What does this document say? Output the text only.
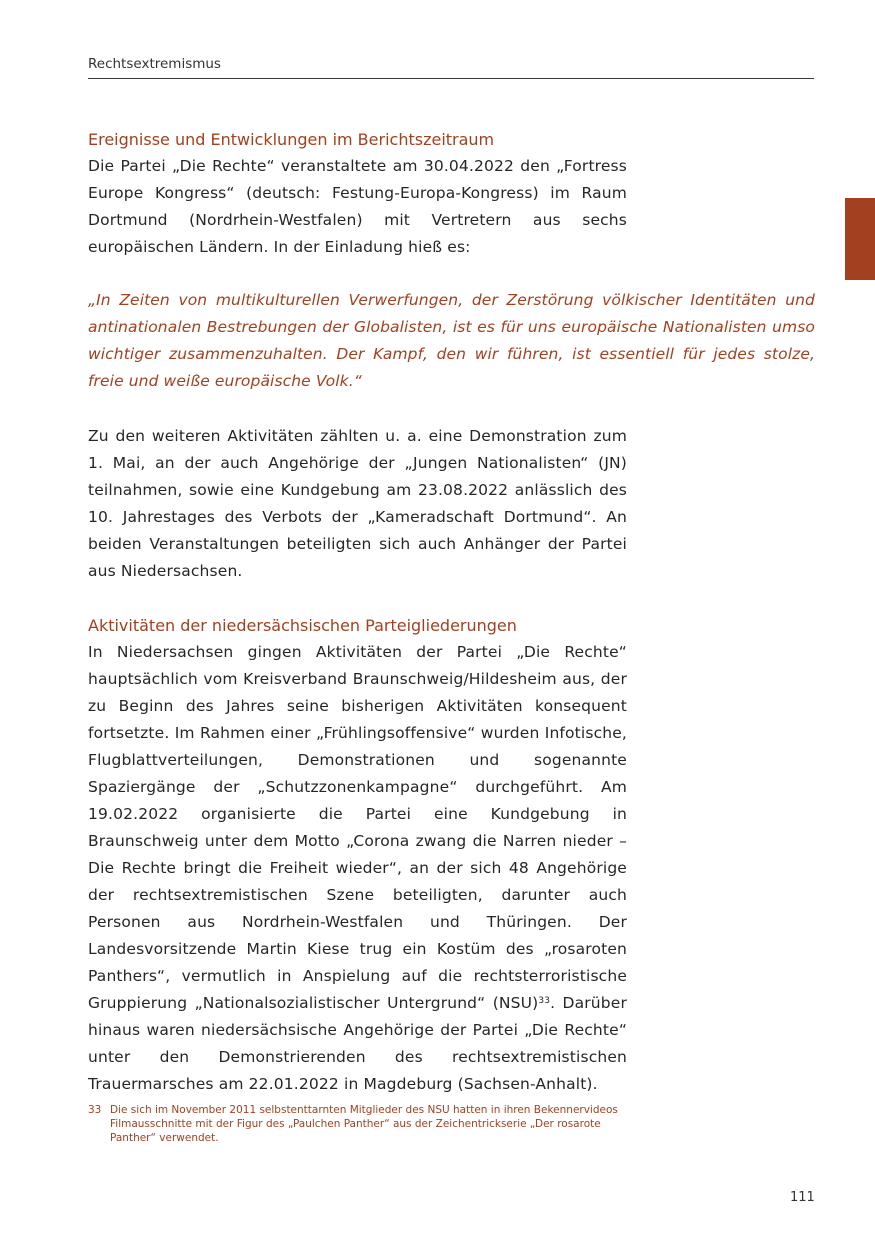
Rechtsextremismus
Ereignisse und Entwicklungen im Berichtszeitraum
Die Partei „Die Rechte“ veranstaltete am 30.04.2022 den „Fortress Europe Kongress“ (deutsch: Festung-Europa-Kongress) im Raum Dortmund (Nordrhein-Westfalen) mit Vertretern aus sechs europäischen Ländern. In der Einladung hieß es:
„In Zeiten von multikulturellen Verwerfungen, der Zerstörung völkischer Identitäten und antinationalen Bestrebungen der Globalisten, ist es für uns europäische Nationalisten umso wichtiger zusammenzuhalten. Der Kampf, den wir führen, ist essentiell für jedes stolze, freie und weiße europäische Volk.“
Zu den weiteren Aktivitäten zählten u. a. eine Demonstration zum 1. Mai, an der auch Angehörige der „Jungen Nationalisten“ (JN) teilnahmen, sowie eine Kundgebung am 23.08.2022 anlässlich des 10. Jahrestages des Verbots der „Kameradschaft Dortmund“. An beiden Veranstaltungen beteiligten sich auch Anhänger der Partei aus Niedersachsen.
Aktivitäten der niedersächsischen Parteigliederungen
In Niedersachsen gingen Aktivitäten der Partei „Die Rechte“ hauptsächlich vom Kreisverband Braunschweig/Hildesheim aus, der zu Beginn des Jahres seine bisherigen Aktivitäten konsequent fortsetzte. Im Rahmen einer „Frühlingsoffensive“ wurden Infotische, Flugblattverteilungen, Demonstrationen und sogenannte Spaziergänge der „Schutzzonenkampagne“ durchgeführt. Am 19.02.2022 organisierte die Partei eine Kundgebung in Braunschweig unter dem Motto „Corona zwang die Narren nieder – Die Rechte bringt die Freiheit wieder“, an der sich 48 Angehörige der rechtsextremistischen Szene beteiligten, darunter auch Personen aus Nordrhein-Westfalen und Thüringen. Der Landesvorsitzende Martin Kiese trug ein Kostüm des „rosaroten Panthers“, vermutlich in Anspielung auf die rechtsterroristische Gruppierung „Nationalsozialistischer Untergrund“ (NSU)$^{33}$. Darüber hinaus waren niedersächsische Angehörige der Partei „Die Rechte“ unter den Demonstrierenden des rechtsextremistischen Trauermarsches am 22.01.2022 in Magdeburg (Sachsen-Anhalt).
33 Die sich im November 2011 selbstenttarnten Mitglieder des NSU hatten in ihren Bekennervideos Filmausschnitte mit der Figur des „Paulchen Panther“ aus der Zeichentrickserie „Der rosarote Panther“ verwendet.
111
